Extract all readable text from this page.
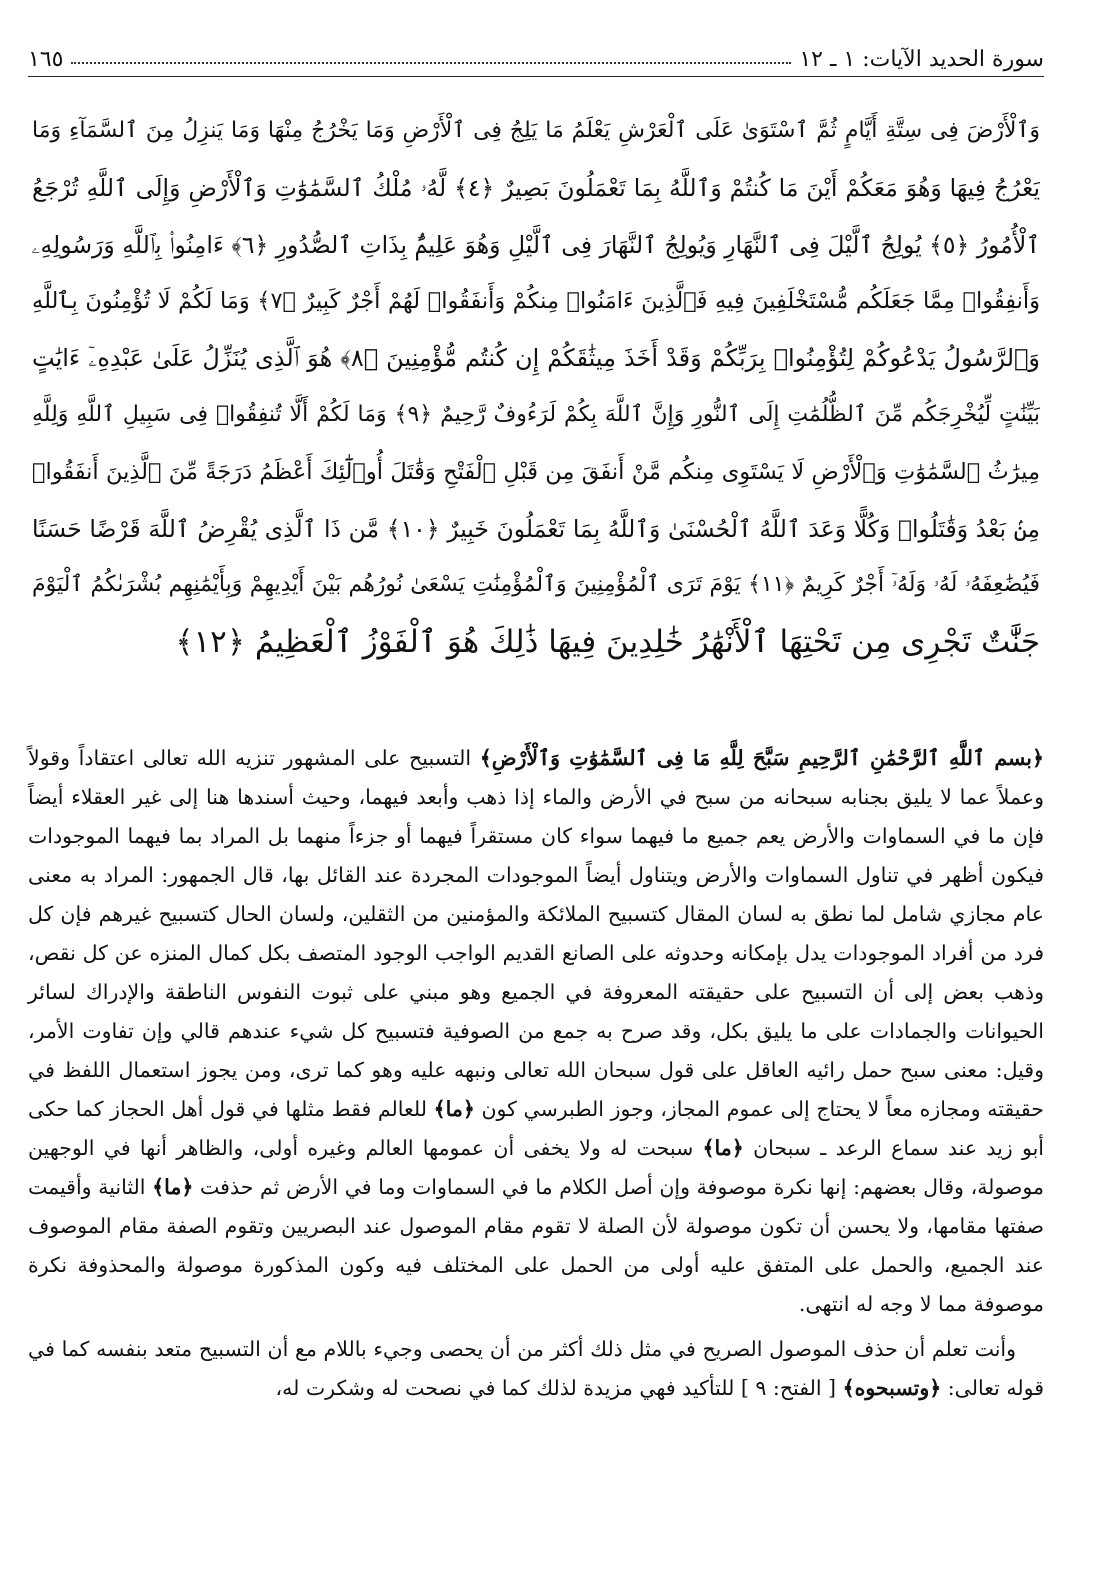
سورة الحديد الآيات: ١ ـ ١٢
١٦٥
وَٱلْأَرْضَ فِى سِتَّةِ أَيَّامٍ ثُمَّ ٱسْتَوَىٰ عَلَى ٱلْعَرْشِ يَعْلَمُ مَا يَلِجُ فِى ٱلْأَرْضِ وَمَا يَخْرُجُ مِنْهَا وَمَا يَنزِلُ مِنَ ٱلسَّمَآءِ وَمَا
يَعْرُجُ فِيهَا وَهُوَ مَعَكُمْ أَيْنَ مَا كُنتُمْ وَٱللَّهُ بِمَا تَعْمَلُونَ بَصِيرٌ ﴿٤﴾ لَّهُۥ مُلْكُ ٱلسَّمَٰوَٰتِ وَٱلْأَرْضِ وَإِلَى ٱللَّهِ تُرْجَعُ
ٱلْأُمُورُ ﴿٥﴾ يُولِجُ ٱلَّيْلَ فِى ٱلنَّهَارِ وَيُولِجُ ٱلنَّهَارَ فِى ٱلَّيْلِ وَهُوَ عَلِيمٌۢ بِذَاتِ ٱلصُّدُورِ ﴿٦﴾ ءَامِنُوا۟ بِٱللَّهِ وَرَسُولِهِۦ
وَأَنفِقُوا۟ مِمَّا جَعَلَكُم مُّسْتَخْلَفِينَ فِيهِ فَٱلَّذِينَ ءَامَنُوا۟ مِنكُمْ وَأَنفَقُوا۟ لَهُمْ أَجْرٌ كَبِيرٌ ﴿٧﴾ وَمَا لَكُمْ لَا تُؤْمِنُونَ بِٱللَّهِ
وَٱلرَّسُولُ يَدْعُوكُمْ لِتُؤْمِنُوا۟ بِرَبِّكُمْ وَقَدْ أَخَذَ مِيثَٰقَكُمْ إِن كُنتُم مُّؤْمِنِينَ ﴿٨﴾ هُوَ ٱلَّذِى يُنَزِّلُ عَلَىٰ عَبْدِهِۦٓ ءَايَٰتٍ
بَيِّنَٰتٍ لِّيُخْرِجَكُم مِّنَ ٱلظُّلُمَٰتِ إِلَى ٱلنُّورِ وَإِنَّ ٱللَّهَ بِكُمْ لَرَءُوفٌ رَّحِيمٌ ﴿٩﴾ وَمَا لَكُمْ أَلَّا تُنفِقُوا۟ فِى سَبِيلِ ٱللَّهِ وَلِلَّهِ
مِيرَٰثُ ٱلسَّمَٰوَٰتِ وَٱلْأَرْضِ لَا يَسْتَوِى مِنكُم مَّنْ أَنفَقَ مِن قَبْلِ ٱلْفَتْحِ وَقَٰتَلَ أُو۟لَٰٓئِكَ أَعْظَمُ دَرَجَةً مِّنَ ٱلَّذِينَ أَنفَقُوا۟
مِنۢ بَعْدُ وَقَٰتَلُوا۟ وَكُلًّا وَعَدَ ٱللَّهُ ٱلْحُسْنَىٰ وَٱللَّهُ بِمَا تَعْمَلُونَ خَبِيرٌ ﴿١٠﴾ مَّن ذَا ٱلَّذِى يُقْرِضُ ٱللَّهَ قَرْضًا حَسَنًا
فَيُضَٰعِفَهُۥ لَهُۥ وَلَهُۥٓ أَجْرٌ كَرِيمٌ ﴿١١﴾ يَوْمَ تَرَى ٱلْمُؤْمِنِينَ وَٱلْمُؤْمِنَٰتِ يَسْعَىٰ نُورُهُم بَيْنَ أَيْدِيهِمْ وَبِأَيْمَٰنِهِم بُشْرَىٰكُمُ ٱلْيَوْمَ
جَنَّٰتٌ تَجْرِى مِن تَحْتِهَا ٱلْأَنْهَٰرُ خَٰلِدِينَ فِيهَا ذَٰلِكَ هُوَ ٱلْفَوْزُ ٱلْعَظِيمُ ﴿١٢﴾

﴿بسم ٱللَّهِ ٱلرَّحْمَٰنِ ٱلرَّحِيمِ سَبَّحَ لِلَّهِ مَا فِى ٱلسَّمَٰوَٰتِ وَٱلْأَرْضِ﴾ التسبيح على المشهور تنزيه الله تعالى اعتقاداً وقولاً وعملاً عما لا يليق بجنابه سبحانه من سبح في الأرض والماء إذا ذهب وأبعد فيهما، وحيث أسندها هنا إلى غير العقلاء أيضاً فإن ما في السماوات والأرض يعم جميع ما فيهما سواء كان مستقراً فيهما أو جزءاً منهما بل المراد بما فيهما الموجودات فيكون أظهر في تناول السماوات والأرض ويتناول أيضاً الموجودات المجردة عند القائل بها، قال الجمهور: المراد به معنى عام مجازي شامل لما نطق به لسان المقال كتسبيح الملائكة والمؤمنين من الثقلين، ولسان الحال كتسبيح غيرهم فإن كل فرد من أفراد الموجودات يدل بإمكانه وحدوثه على الصانع القديم الواجب الوجود المتصف بكل كمال المنزه عن كل نقص، وذهب بعض إلى أن التسبيح على حقيقته المعروفة في الجميع وهو مبني على ثبوت النفوس الناطقة والإدراك لسائر الحيوانات والجمادات على ما يليق بكل، وقد صرح به جمع من الصوفية فتسبيح كل شيء عندهم قالي وإن تفاوت الأمر، وقيل: معنى سبح حمل رائيه العاقل على قول سبحان الله تعالى ونبهه عليه وهو كما ترى، ومن يجوز استعمال اللفظ في حقيقته ومجازه معاً لا يحتاج إلى عموم المجاز، وجوز الطبرسي كون ﴿ما﴾ للعالم فقط مثلها في قول أهل الحجاز كما حكى أبو زيد عند سماع الرعد ـ سبحان ﴿ما﴾ سبحت له ولا يخفى أن عمومها العالم وغيره أولى، والظاهر أنها في الوجهين موصولة، وقال بعضهم: إنها نكرة موصوفة وإن أصل الكلام ما في السماوات وما في الأرض ثم حذفت ﴿ما﴾ الثانية وأقيمت صفتها مقامها، ولا يحسن أن تكون موصولة لأن الصلة لا تقوم مقام الموصول عند البصريين وتقوم الصفة مقام الموصوف عند الجميع، والحمل على المتفق عليه أولى من الحمل على المختلف فيه وكون المذكورة موصولة والمحذوفة نكرة موصوفة مما لا وجه له انتهى.

وأنت تعلم أن حذف الموصول الصريح في مثل ذلك أكثر من أن يحصى وجيء باللام مع أن التسبيح متعد بنفسه كما في قوله تعالى: ﴿وتسبحوه﴾ [ الفتح: ٩ ] للتأكيد فهي مزيدة لذلك كما في نصحت له وشكرت له،
